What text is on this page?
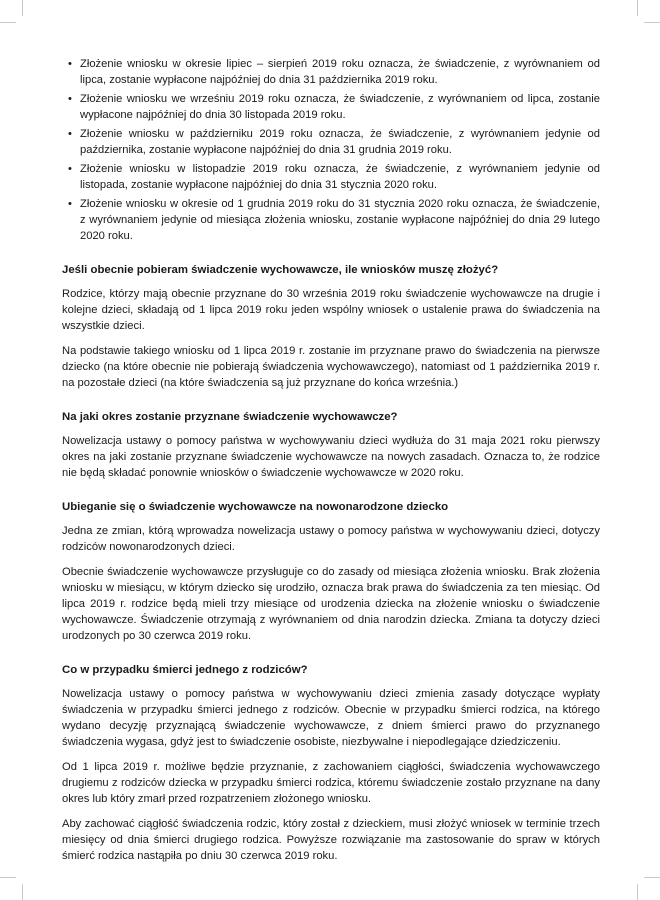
• Złożenie wniosku w okresie lipiec – sierpień 2019 roku oznacza, że świadczenie, z wyrównaniem od lipca, zostanie wypłacone najpóźniej do dnia 31 października 2019 roku.
• Złożenie wniosku we wrześniu 2019 roku oznacza, że świadczenie, z wyrównaniem od lipca, zostanie wypłacone najpóźniej do dnia 30 listopada 2019 roku.
• Złożenie wniosku w październiku 2019 roku oznacza, że świadczenie, z wyrównaniem jedynie od października, zostanie wypłacone najpóźniej do dnia 31 grudnia 2019 roku.
• Złożenie wniosku w listopadzie 2019 roku oznacza, że świadczenie, z wyrównaniem jedynie od listopada, zostanie wypłacone najpóźniej do dnia 31 stycznia 2020 roku.
• Złożenie wniosku w okresie od 1 grudnia 2019 roku do 31 stycznia 2020 roku oznacza, że świadczenie, z wyrównaniem jedynie od miesiąca złożenia wniosku, zostanie wypłacone najpóźniej do dnia 29 lutego 2020 roku.
Jeśli obecnie pobieram świadczenie wychowawcze, ile wniosków muszę złożyć?

Rodzice, którzy mają obecnie przyznane do 30 września 2019 roku świadczenie wychowawcze na drugie i kolejne dzieci, składają od 1 lipca 2019 roku jeden wspólny wniosek o ustalenie prawa do świadczenia na wszystkie dzieci.

Na podstawie takiego wniosku od 1 lipca 2019 r. zostanie im przyznane prawo do świadczenia na pierwsze dziecko (na które obecnie nie pobierają świadczenia wychowawczego), natomiast od 1 października 2019 r. na pozostałe dzieci (na które świadczenia są już przyznane do końca września.)

Na jaki okres zostanie przyznane świadczenie wychowawcze?

Nowelizacja ustawy o pomocy państwa w wychowywaniu dzieci wydłuża do 31 maja 2021 roku pierwszy okres na jaki zostanie przyznane świadczenie wychowawcze na nowych zasadach. Oznacza to, że rodzice nie będą składać ponownie wniosków o świadczenie wychowawcze w 2020 roku.

Ubieganie się o świadczenie wychowawcze na nowonarodzone dziecko

Jedna ze zmian, którą wprowadza nowelizacja ustawy o pomocy państwa w wychowywaniu dzieci, dotyczy rodziców nowonarodzonych dzieci.

Obecnie świadczenie wychowawcze przysługuje co do zasady od miesiąca złożenia wniosku. Brak złożenia wniosku w miesiącu, w którym dziecko się urodziło, oznacza brak prawa do świadczenia za ten miesiąc. Od lipca 2019 r. rodzice będą mieli trzy miesiące od urodzenia dziecka na złożenie wniosku o świadczenie wychowawcze. Świadczenie otrzymają z wyrównaniem od dnia narodzin dziecka. Zmiana ta dotyczy dzieci urodzonych po 30 czerwca 2019 roku.

Co w przypadku śmierci jednego z rodziców?

Nowelizacja ustawy o pomocy państwa w wychowywaniu dzieci zmienia zasady dotyczące wypłaty świadczenia w przypadku śmierci jednego z rodziców. Obecnie w przypadku śmierci rodzica, na którego wydano decyzję przyznającą świadczenie wychowawcze, z dniem śmierci prawo do przyznanego świadczenia wygasa, gdyż jest to świadczenie osobiste, niezbywalne i niepodlegające dziedziczeniu.

Od 1 lipca 2019 r. możliwe będzie przyznanie, z zachowaniem ciągłości, świadczenia wychowawczego drugiemu z rodziców dziecka w przypadku śmierci rodzica, któremu świadczenie zostało przyznane na dany okres lub który zmarł przed rozpatrzeniem złożonego wniosku.

Aby zachować ciągłość świadczenia rodzic, który został z dzieckiem, musi złożyć wniosek w terminie trzech miesięcy od dnia śmierci drugiego rodzica. Powyższe rozwiązanie ma zastosowanie do spraw w których śmierć rodzica nastąpiła po dniu 30 czerwca 2019 roku.
